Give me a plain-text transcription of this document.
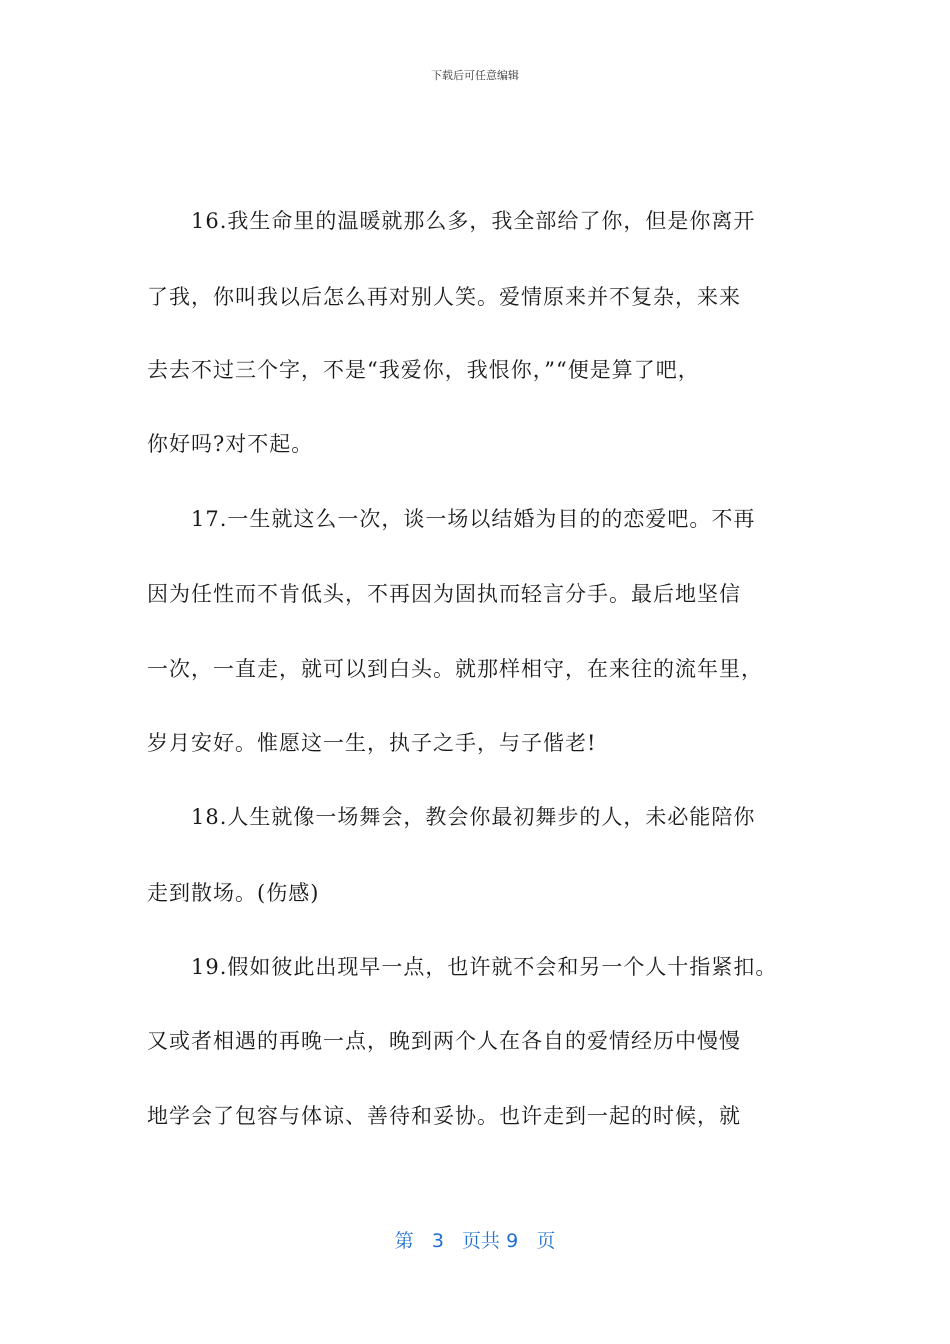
下载后可任意编辑
16.我生命里的温暖就那么多，我全部给了你，但是你离开
了我，你叫我以后怎么再对别人笑。爱情原来并不复杂，来来
去去不过三个字，不是“我爱你，我恨你，”“便是算了吧，
你好吗?对不起。
17.一生就这么一次，谈一场以结婚为目的的恋爱吧。不再
因为任性而不肯低头，不再因为固执而轻言分手。最后地坚信
一次，一直走，就可以到白头。就那样相守，在来往的流年里，
岁月安好。惟愿这一生，执子之手，与子偕老!
18.人生就像一场舞会，教会你最初舞步的人，未必能陪你
走到散场。(伤感)
19.假如彼此出现早一点，也许就不会和另一个人十指紧扣。
又或者相遇的再晚一点，晚到两个人在各自的爱情经历中慢慢
地学会了包容与体谅、善待和妥协。也许走到一起的时候，就
第 3 页共 9 页
